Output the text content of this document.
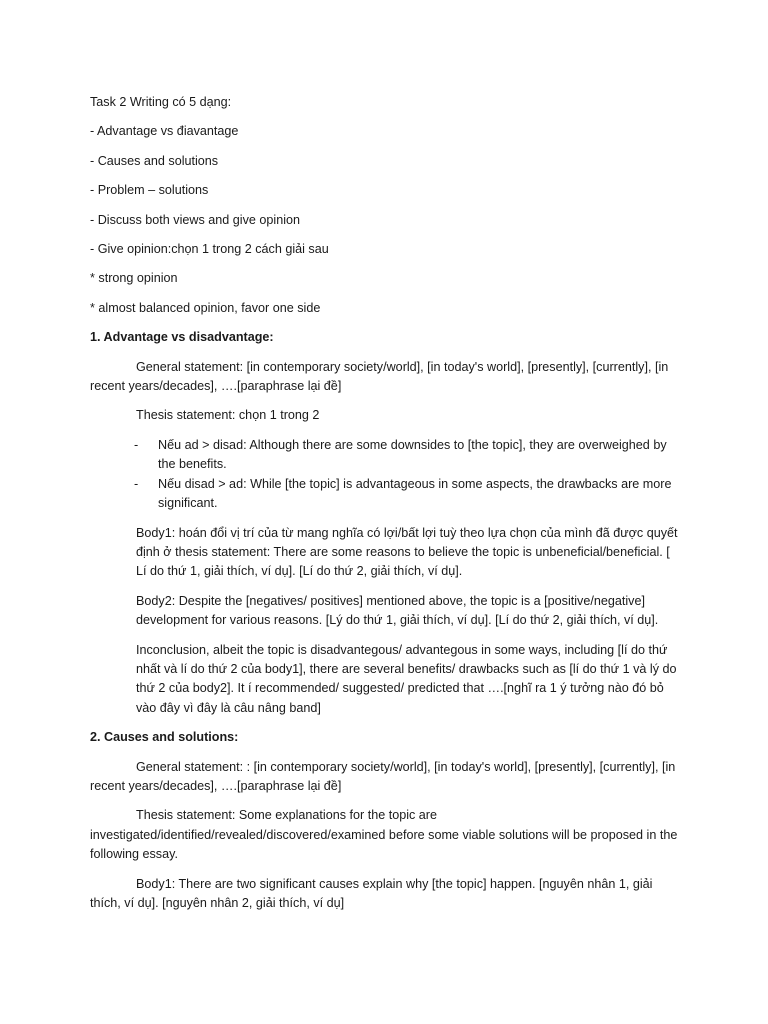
Task 2 Writing có 5 dạng:

- Advantage vs điavantage

- Causes and solutions

- Problem – solutions

- Discuss both views and give opinion

- Give opinion:chọn 1 trong 2 cách giải sau

* strong opinion

* almost balanced opinion, favor one side

1. Advantage vs disadvantage:

General statement: [in contemporary society/world], [in today's world], [presently], [currently], [in recent years/decades], ….[paraphrase lại đề]

Thesis statement: chọn 1 trong 2

- Nếu ad > disad: Although there are some downsides to [the topic], they are overweighed by the benefits.
- Nếu disad > ad: While [the topic] is advantageous in some aspects, the drawbacks are more significant.

Body1: hoán đổi vị trí của từ mang nghĩa có lợi/bất lợi tuỳ theo lựa chọn của mình đã được quyết định ở thesis statement: There are some reasons to believe the topic is unbeneficial/beneficial. [ Lí do thứ 1, giải thích, ví dụ]. [Lí do thứ 2, giải thích, ví dụ].

Body2: Despite the [negatives/ positives] mentioned above, the topic is a [positive/negative] development for various reasons. [Lý do thứ 1, giải thích, ví dụ]. [Lí do thứ 2, giải thích, ví dụ].

Inconclusion, albeit the topic is disadvantegous/ advantegous in some ways, including [lí do thứ nhất và lí do thứ 2 của body1], there are several benefits/ drawbacks such as [lí do thứ 1 và lý do thứ 2 của body2]. It í recommended/ suggested/ predicted that ….[nghĩ ra 1 ý tưởng nào đó bỏ vào đây vì đây là câu nâng band]

2. Causes and solutions:

General statement: : [in contemporary society/world], [in today's world], [presently], [currently], [in recent years/decades], ….[paraphrase lại đề]

Thesis statement: Some explanations for the topic are investigated/identified/revealed/discovered/examined before some viable solutions will be proposed in the following essay.

Body1: There are two significant causes explain why [the topic] happen. [nguyên nhân 1, giải thích, ví dụ]. [nguyên nhân 2, giải thích, ví dụ]
